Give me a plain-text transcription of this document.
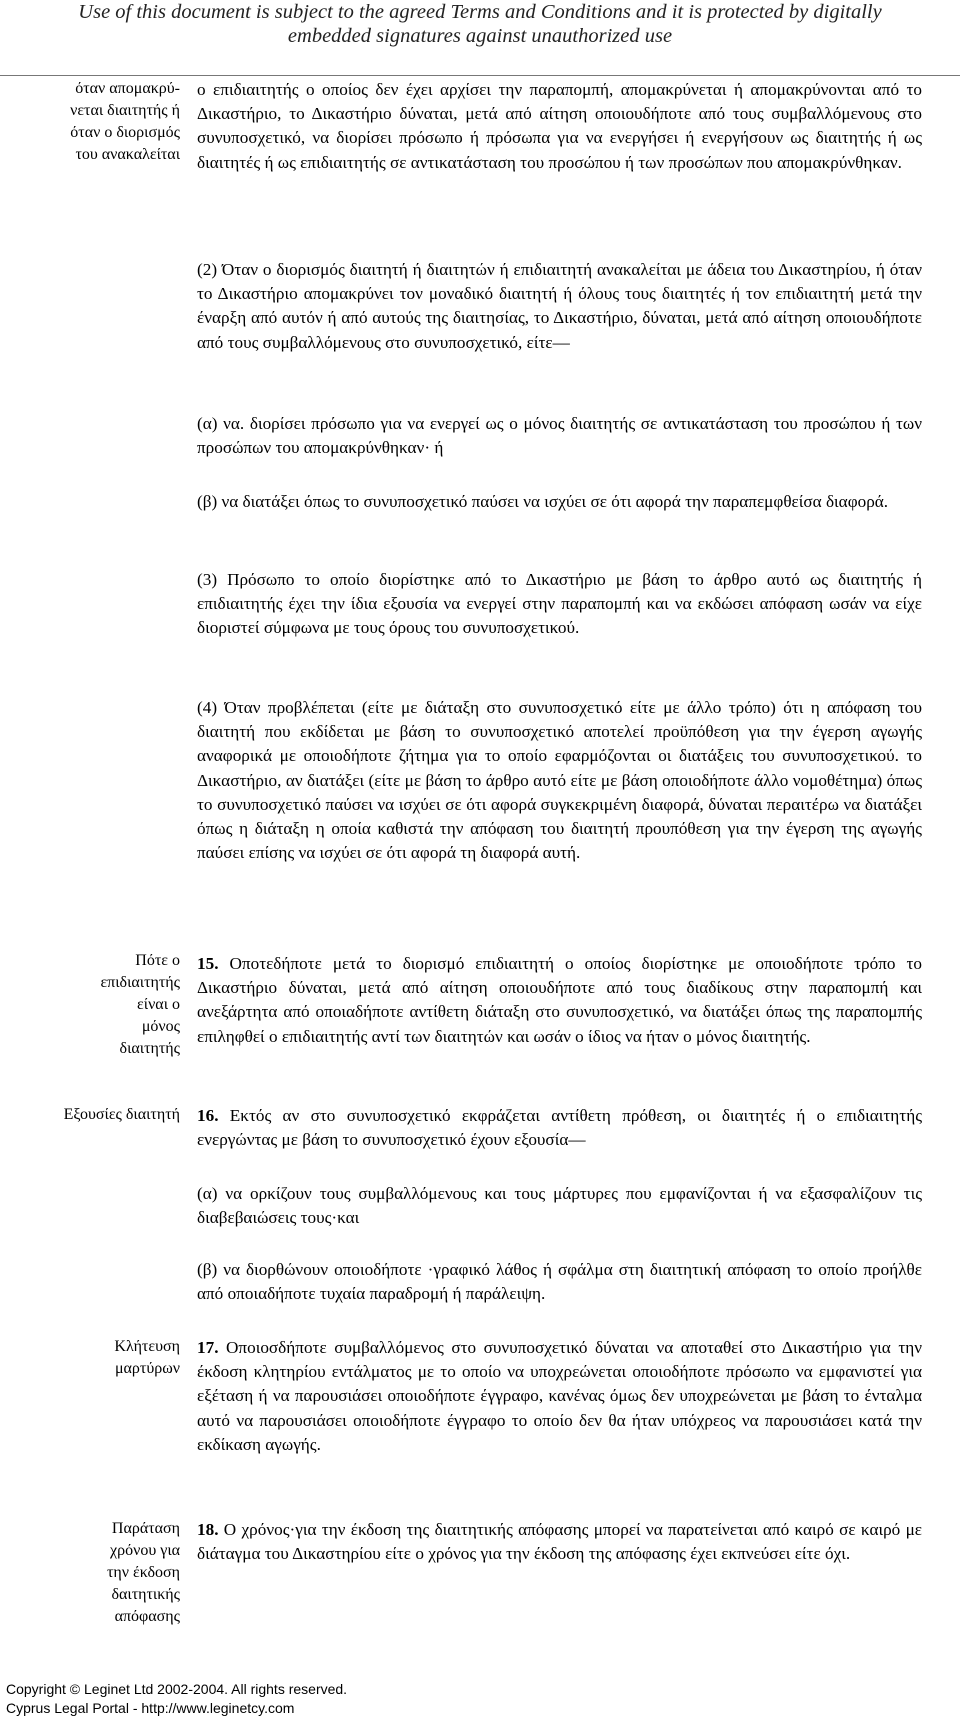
Use of this document is subject to the agreed Terms and Conditions and it is protected by digitally
embedded signatures against unauthorized use
όταν απομακρύ-
νεται διαιτητής ή
όταν ο διορισμός
του ανακαλείται
Πότε ο
επιδιαιτητής
είναι ο
μόνος
διαιτητής
Εξουσίες διαιτητή
Κλήτευση
μαρτύρων
Παράταση
χρόνου για
την έκδοση
δαιτητικής
απόφασης
ο επιδιαιτητής ο οποίος δεν έχει αρχίσει την παραπομπή, απομακρύνεται ή απομακρύνονται από το Δικαστήριο, το Δικαστήριο δύναται, μετά από αίτηση οποιουδήποτε από τους συμβαλλόμενους στο συνυποσχετικό, να διορίσει πρόσωπο ή πρόσωπα για να ενεργήσει ή ενεργήσουν ως διαιτητής ή ως διαιτητές ή ως επιδιαιτητής σε αντικατάσταση του προσώπου ή των προσώπων που απομακρύνθηκαν.
(2) Όταν ο διορισμός διαιτητή ή διαιτητών ή επιδιαιτητή ανακαλείται με άδεια του Δικαστηρίου, ή όταν το Δικαστήριο απομακρύνει τον μοναδικό διαιτητή ή όλους τους διαιτητές ή τον επιδιαιτητή μετά την έναρξη από αυτόν ή από αυτούς της διαιτησίας, το Δικαστήριο, δύναται, μετά από αίτηση οποιουδήποτε από τους συμβαλλόμενους στο συνυποσχετικό, είτε—
(α) να. διορίσει πρόσωπο για να ενεργεί ως ο μόνος διαιτητής σε αντικατάσταση του προσώπου ή των προσώπων του απομακρύνθηκαν· ή
(β) να διατάξει όπως το συνυποσχετικό παύσει να ισχύει σε ότι αφορά την παραπεμφθείσα διαφορά.
(3) Πρόσωπο το οποίο διορίστηκε από το Δικαστήριο με βάση το άρθρο αυτό ως διαιτητής ή επιδιαιτητής έχει την ίδια εξουσία να ενεργεί στην παραπομπή και να εκδώσει απόφαση ωσάν να είχε διοριστεί σύμφωνα με τους όρους του συνυποσχετικού.
(4) Όταν προβλέπεται (είτε με διάταξη στο συνυποσχετικό είτε με άλλο τρόπο) ότι η απόφαση του διαιτητή που εκδίδεται με βάση το συνυποσχετικό αποτελεί προϋπόθεση για την έγερση αγωγής αναφορικά με οποιοδήποτε ζήτημα για το οποίο εφαρμόζονται οι διατάξεις του συνυποσχετικού. το Δικαστήριο, αν διατάξει (είτε με βάση το άρθρο αυτό είτε με βάση οποιοδήποτε άλλο νομοθέτημα) όπως το συνυποσχετικό παύσει να ισχύει σε ότι αφορά συγκεκριμένη διαφορά, δύναται περαιτέρω να διατάξει όπως η διάταξη η οποία καθιστά την απόφαση του διαιτητή προυπόθεση για την έγερση της αγωγής παύσει επίσης να ισχύει σε ότι αφορά τη διαφορά αυτή.
15. Οποτεδήποτε μετά το διορισμό επιδιαιτητή ο οποίος διορίστηκε με οποιοδήποτε τρόπο το Δικαστήριο δύναται, μετά από αίτηση οποιουδήποτε από τους διαδίκους στην παραπομπή και ανεξάρτητα από οποιαδήποτε αντίθετη διάταξη στο συνυποσχετικό, να διατάξει όπως της παραπομπής επιληφθεί ο επιδιαιτητής αντί των διαιτητών και ωσάν ο ίδιος να ήταν ο μόνος διαιτητής.
16. Εκτός αν στο συνυποσχετικό εκφράζεται αντίθετη πρόθεση, οι διαιτητές ή ο επιδιαιτητής ενεργώντας με βάση το συνυποσχετικό έχουν εξουσία—
(α) να ορκίζουν τους συμβαλλόμενους και τους μάρτυρες που εμφανίζονται ή να εξασφαλίζουν τις διαβεβαιώσεις τους·και
(β) να διορθώνουν οποιοδήποτε ·γραφικό λάθος ή σφάλμα στη διαιτητική απόφαση το οποίο προήλθε από οποιαδήποτε τυχαία παραδρομή ή παράλειψη.
17. Οποιοσδήποτε συμβαλλόμενος στο συνυποσχετικό δύναται να αποταθεί στο Δικαστήριο για την έκδοση κλητηρίου εντάλματος με το οποίο να υποχρεώνεται οποιοδήποτε πρόσωπο να εμφανιστεί για εξέταση ή να παρουσιάσει οποιοδήποτε έγγραφο, κανένας όμως δεν υποχρεώνεται με βάση το ένταλμα αυτό να παρουσιάσει οποιοδήποτε έγγραφο το οποίο δεν θα ήταν υπόχρεος να παρουσιάσει κατά την εκδίκαση αγωγής.
18. Ο χρόνος·για την έκδοση της διαιτητικής απόφασης μπορεί να παρατείνεται από καιρό σε καιρό με διάταγμα του Δικαστηρίου είτε ο χρόνος για την έκδοση της απόφασης έχει εκπνεύσει είτε όχι.
Copyright © Leginet Ltd 2002-2004. All rights reserved.
Cyprus Legal Portal - http://www.leginetcy.com
